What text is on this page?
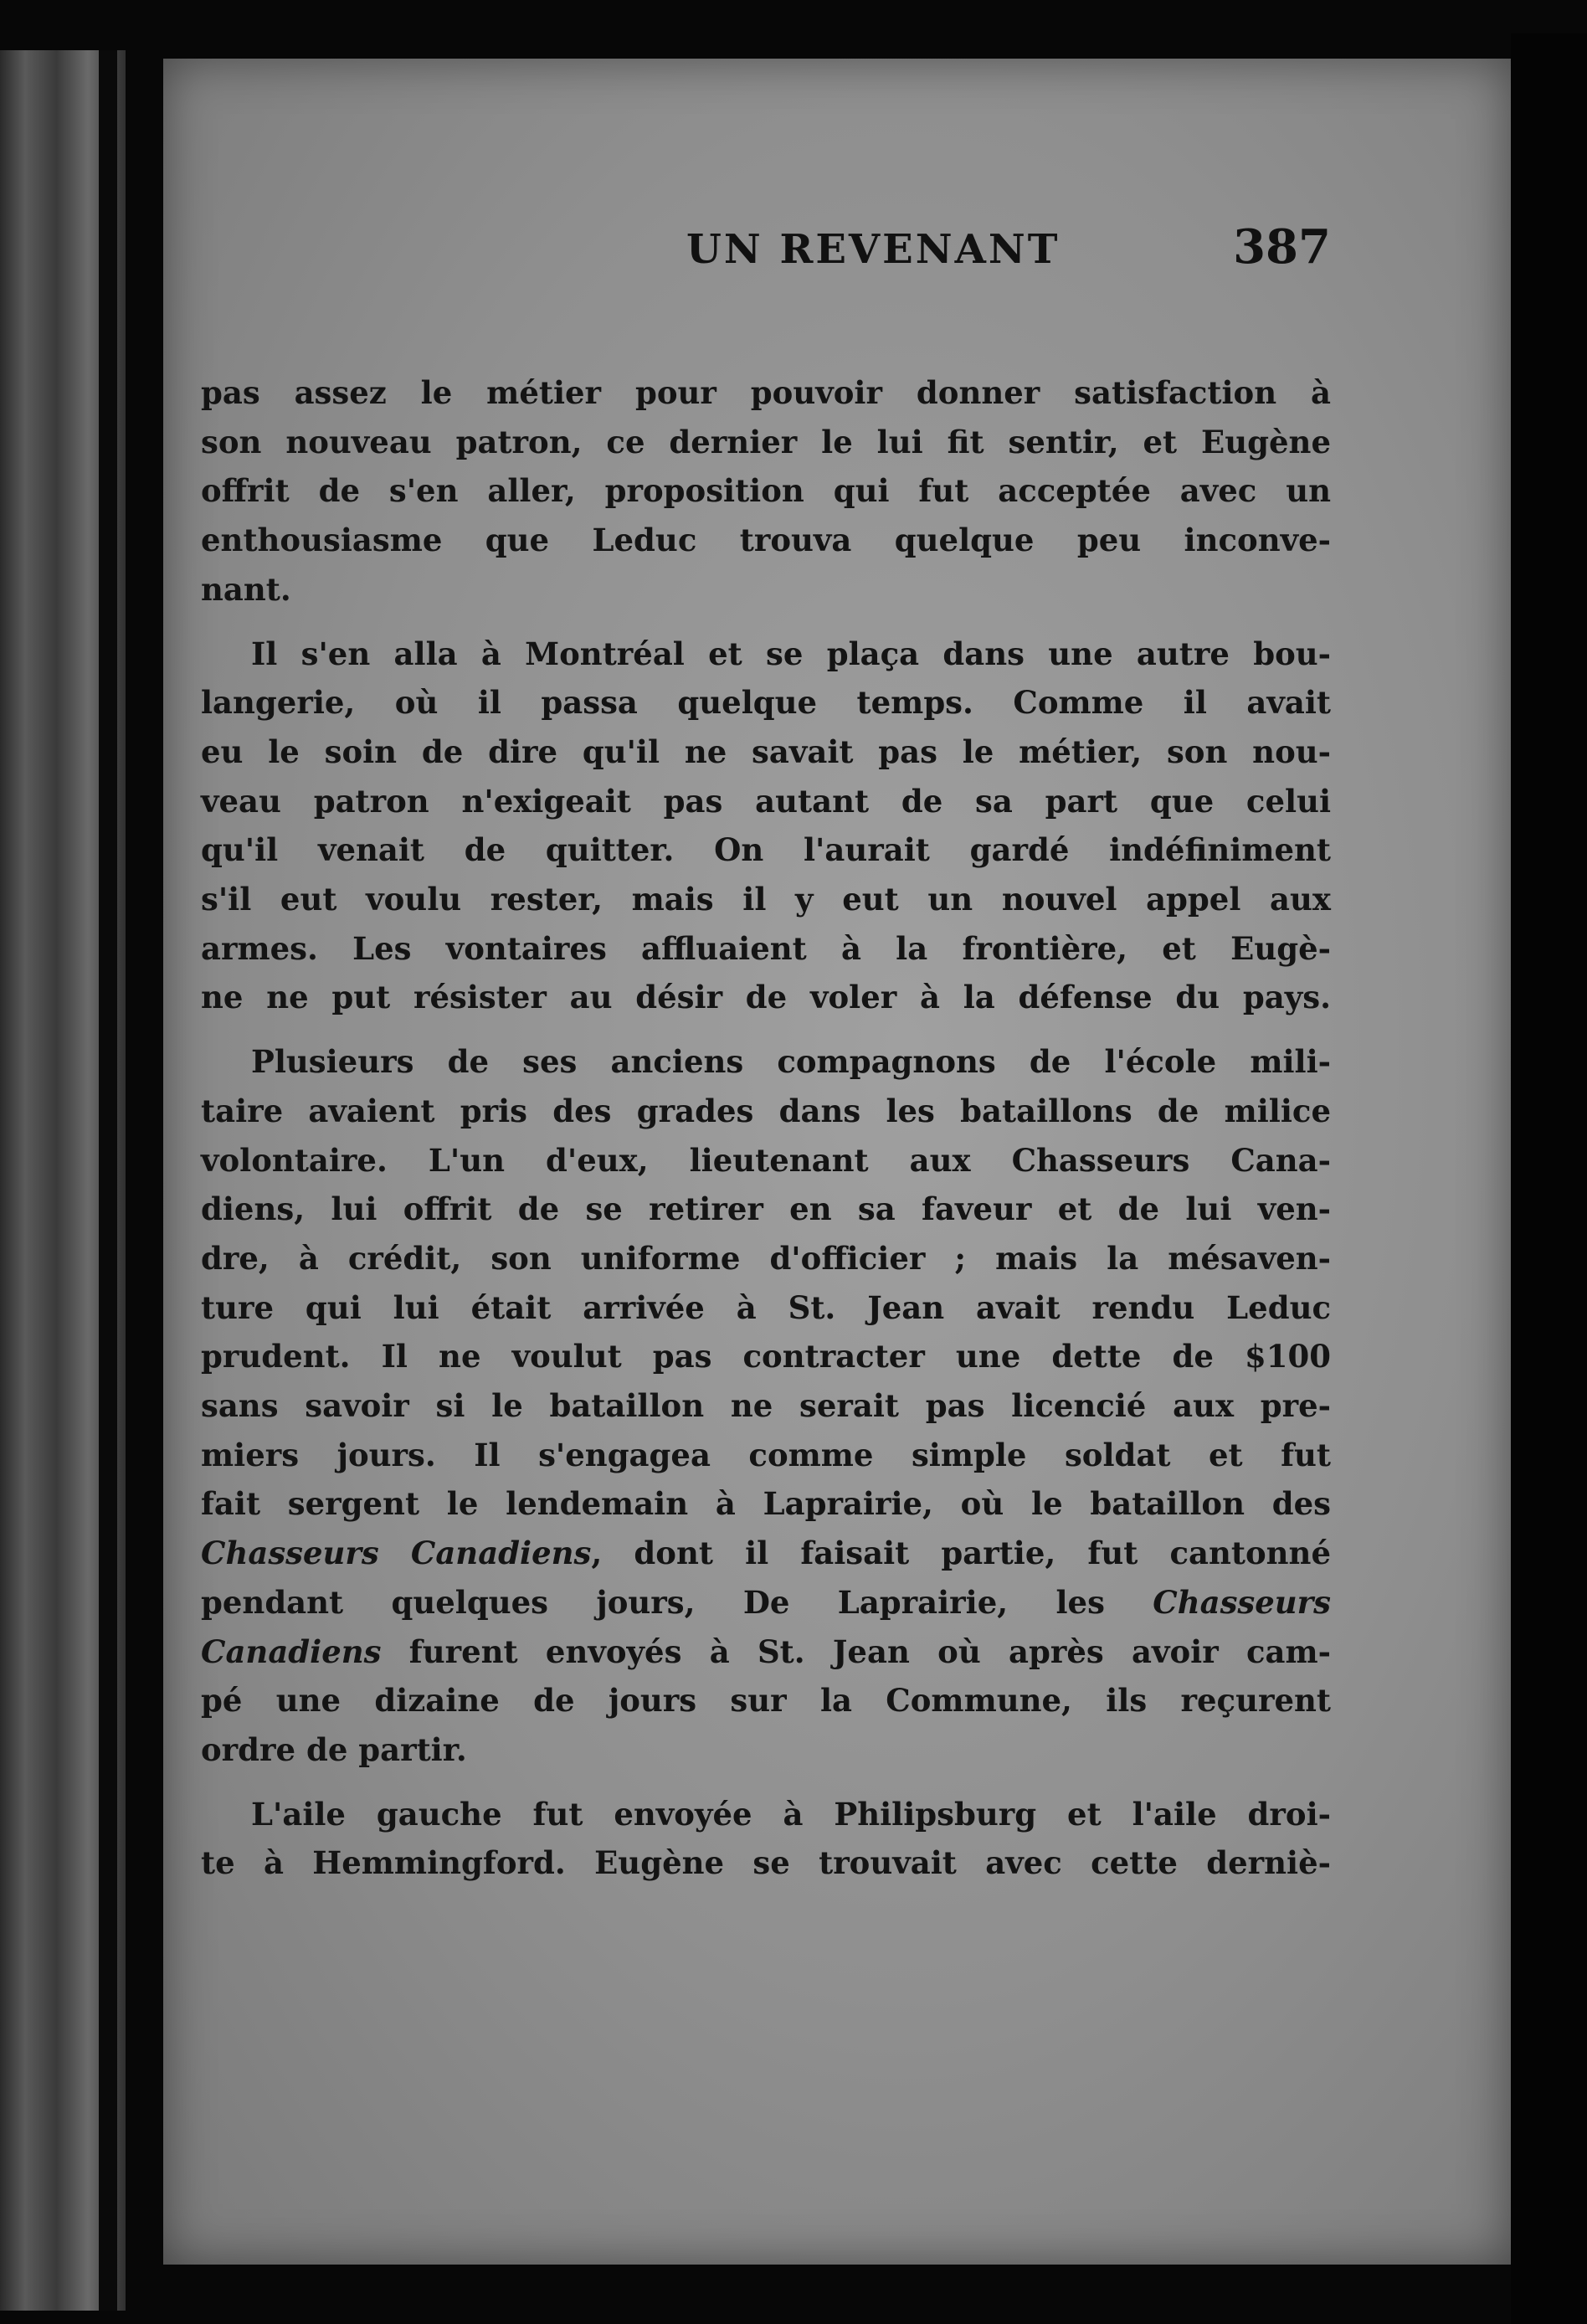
UN REVENANT	387
pas assez le métier pour pouvoir donner satisfaction à
son nouveau patron, ce dernier le lui fit sentir, et Eugène
offrit de s'en aller, proposition qui fut acceptée avec un
enthousiasme que Leduc trouva quelque peu inconve-
nant.
Il s'en alla à Montréal et se plaça dans une autre bou-
langerie, où il passa quelque temps. Comme il avait
eu le soin de dire qu'il ne savait pas le métier, son nou-
veau patron n'exigeait pas autant de sa part que celui
qu'il venait de quitter. On l'aurait gardé indéfiniment
s'il eut voulu rester, mais il y eut un nouvel appel aux
armes. Les vontaires affluaient à la frontière, et Eugè-
ne ne put résister au désir de voler à la défense du pays.
Plusieurs de ses anciens compagnons de l'école mili-
taire avaient pris des grades dans les bataillons de milice
volontaire. L'un d'eux, lieutenant aux Chasseurs Cana-
diens, lui offrit de se retirer en sa faveur et de lui ven-
dre, à crédit, son uniforme d'officier ; mais la mésaven-
ture qui lui était arrivée à St. Jean avait rendu Leduc
prudent. Il ne voulut pas contracter une dette de $100
sans savoir si le bataillon ne serait pas licencié aux pre-
miers jours. Il s'engagea comme simple soldat et fut
fait sergent le lendemain à Laprairie, où le bataillon des
Chasseurs Canadiens, dont il faisait partie, fut cantonné
pendant quelques jours, De Laprairie, les Chasseurs
Canadiens furent envoyés à St. Jean où après avoir cam-
pé une dizaine de jours sur la Commune, ils reçurent
ordre de partir.
L'aile gauche fut envoyée à Philipsburg et l'aile droi-
te à Hemmingford. Eugène se trouvait avec cette derniè-
